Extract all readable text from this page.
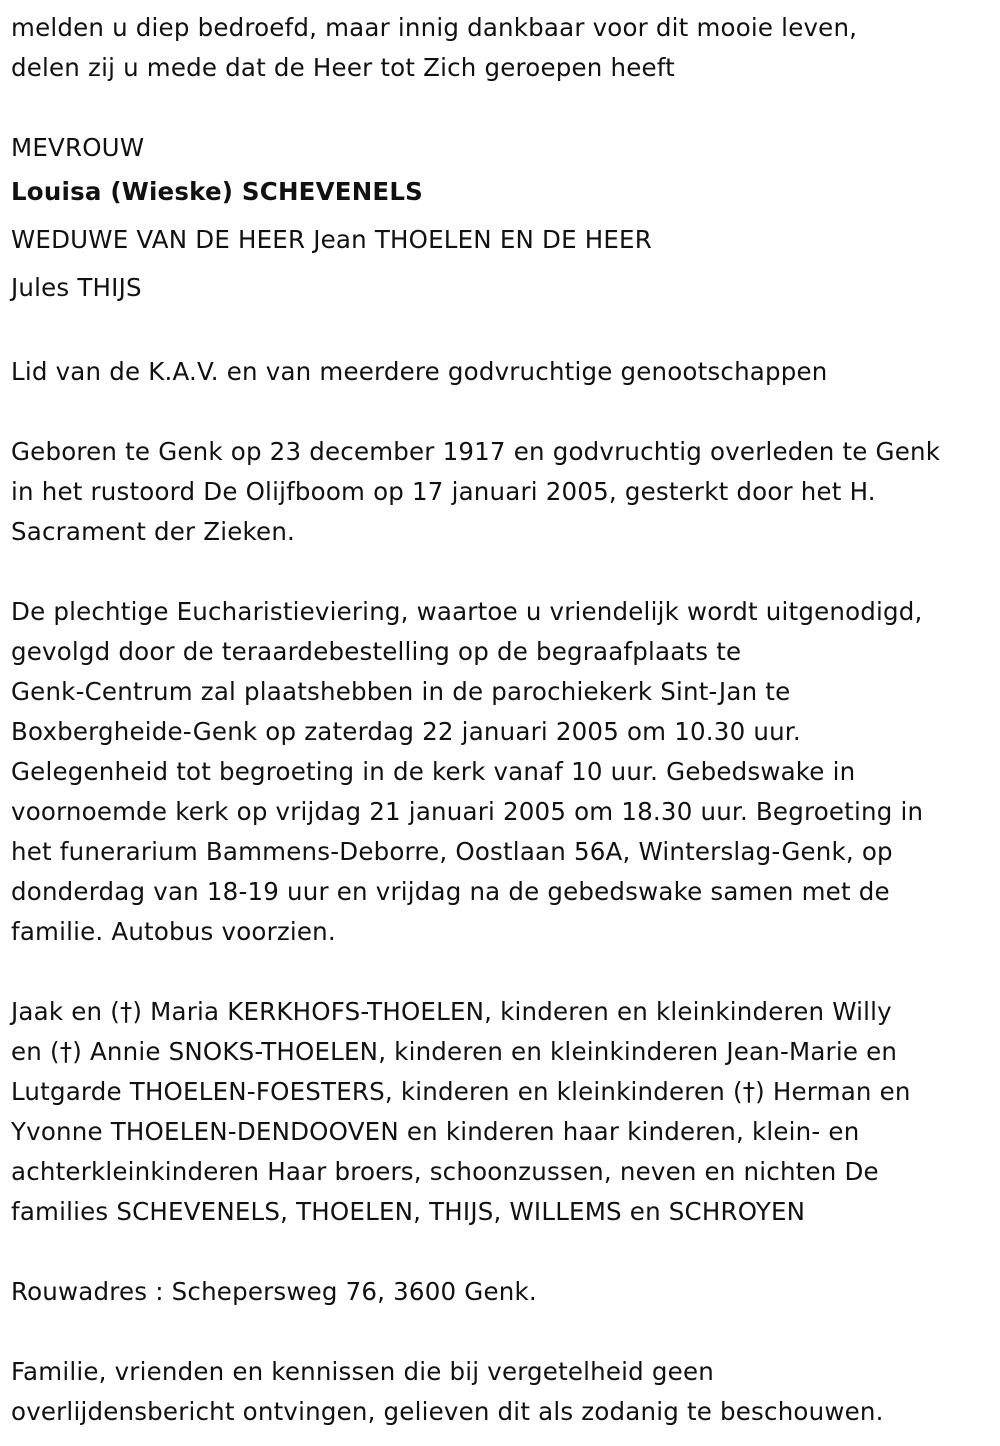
melden u diep bedroefd, maar innig dankbaar voor dit mooie leven,
delen zij u mede dat de Heer tot Zich geroepen heeft
MEVROUW
Louisa (Wieske) SCHEVENELS
WEDUWE VAN DE HEER Jean THOELEN EN DE HEER
Jules THIJS
Lid van de K.A.V. en van meerdere godvruchtige genootschappen
Geboren te Genk op 23 december 1917 en godvruchtig overleden te Genk
in het rustoord De Olijfboom op 17 januari 2005, gesterkt door het H.
Sacrament der Zieken.
De plechtige Eucharistieviering, waartoe u vriendelijk wordt uitgenodigd,
gevolgd door de teraardebestelling op de begraafplaats te
Genk-Centrum zal plaatshebben in de parochiekerk Sint-Jan te
Boxbergheide-Genk op zaterdag 22 januari 2005 om 10.30 uur.
Gelegenheid tot begroeting in de kerk vanaf 10 uur. Gebedswake in
voornoemde kerk op vrijdag 21 januari 2005 om 18.30 uur. Begroeting in
het funerarium Bammens-Deborre, Oostlaan 56A, Winterslag-Genk, op
donderdag van 18-19 uur en vrijdag na de gebedswake samen met de
familie. Autobus voorzien.
Jaak en (†) Maria KERKHOFS-THOELEN, kinderen en kleinkinderen Willy
en (†) Annie SNOKS-THOELEN, kinderen en kleinkinderen Jean-Marie en
Lutgarde THOELEN-FOESTERS, kinderen en kleinkinderen (†) Herman en
Yvonne THOELEN-DENDOOVEN en kinderen haar kinderen, klein- en
achterkleinkinderen Haar broers, schoonzussen, neven en nichten De
families SCHEVENELS, THOELEN, THIJS, WILLEMS en SCHROYEN
Rouwadres : Schepersweg 76, 3600 Genk.
Familie, vrienden en kennissen die bij vergetelheid geen
overlijdensbericht ontvingen, gelieven dit als zodanig te beschouwen.
